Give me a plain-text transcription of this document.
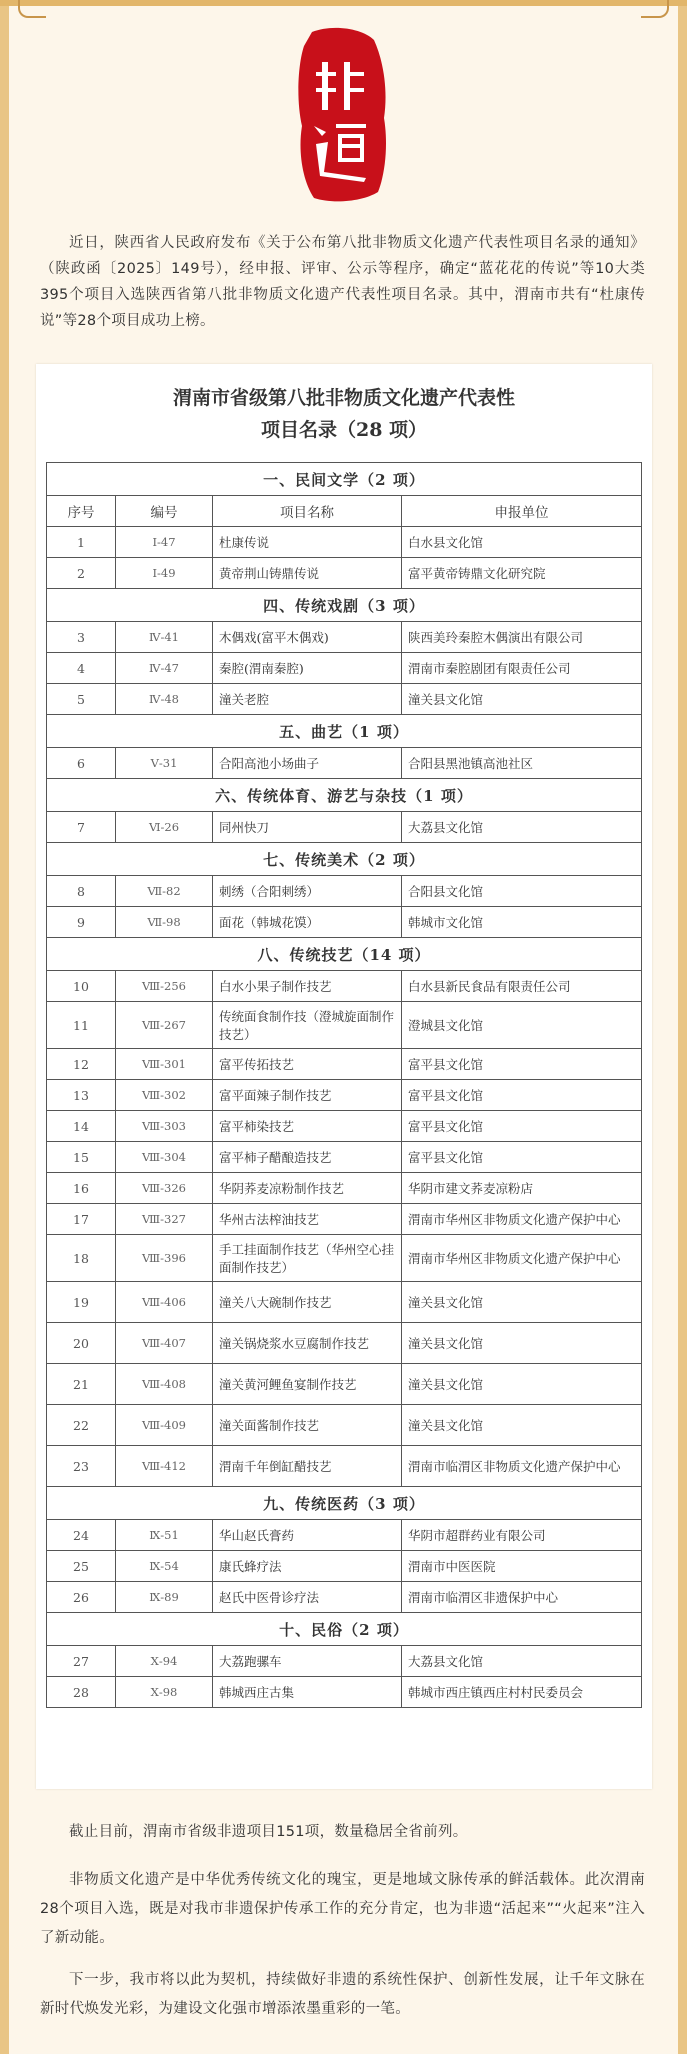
近日，陕西省人民政府发布《关于公布第八批非物质文化遗产代表性项目名录的通知》（陕政函〔2025〕149号），经申报、评审、公示等程序，确定“蓝花花的传说”等10大类395个项目入选陕西省第八批非物质文化遗产代表性项目名录。其中，渭南市共有“杜康传说”等28个项目成功上榜。
渭南市省级第八批非物质文化遗产代表性
项目名录（28 项）
一、民间文学（2 项）			
序号	编号	项目名称	申报单位
1	Ⅰ-47	杜康传说	白水县文化馆
2	Ⅰ-49	黄帝荆山铸鼎传说	富平黄帝铸鼎文化研究院
四、传统戏剧（3 项）			
3	Ⅳ-41	木偶戏(富平木偶戏)	陕西美玲秦腔木偶演出有限公司
4	Ⅳ-47	秦腔(渭南秦腔)	渭南市秦腔剧团有限责任公司
5	Ⅳ-48	潼关老腔	潼关县文化馆
五、曲艺（1 项）			
6	Ⅴ-31	合阳高池小场曲子	合阳县黑池镇高池社区
六、传统体育、游艺与杂技（1 项）			
7	Ⅵ-26	同州快刀	大荔县文化馆
七、传统美术（2 项）			
8	Ⅶ-82	刺绣（合阳刺绣）	合阳县文化馆
9	Ⅶ-98	面花（韩城花馍）	韩城市文化馆
八、传统技艺（14 项）			
10	Ⅷ-256	白水小果子制作技艺	白水县新民食品有限责任公司
11	Ⅷ-267	传统面食制作技（澄城旋面制作技艺）	澄城县文化馆
12	Ⅷ-301	富平传拓技艺	富平县文化馆
13	Ⅷ-302	富平面辣子制作技艺	富平县文化馆
14	Ⅷ-303	富平柿染技艺	富平县文化馆
15	Ⅷ-304	富平柿子醋酿造技艺	富平县文化馆
16	Ⅷ-326	华阴荞麦凉粉制作技艺	华阴市建文荞麦凉粉店
17	Ⅷ-327	华州古法榨油技艺	渭南市华州区非物质文化遗产保护中心
18	Ⅷ-396	手工挂面制作技艺（华州空心挂面制作技艺）	渭南市华州区非物质文化遗产保护中心
19	Ⅷ-406	潼关八大碗制作技艺	潼关县文化馆
20	Ⅷ-407	潼关锅烧浆水豆腐制作技艺	潼关县文化馆
21	Ⅷ-408	潼关黄河鲤鱼宴制作技艺	潼关县文化馆
22	Ⅷ-409	潼关面酱制作技艺	潼关县文化馆
23	Ⅷ-412	渭南千年倒缸醋技艺	渭南市临渭区非物质文化遗产保护中心
九、传统医药（3 项）			
24	Ⅸ-51	华山赵氏膏药	华阴市超群药业有限公司
25	Ⅸ-54	康氏蜂疗法	渭南市中医医院
26	Ⅸ-89	赵氏中医骨诊疗法	渭南市临渭区非遗保护中心
十、民俗（2 项）			
27	Ⅹ-94	大荔跑骡车	大荔县文化馆
28	Ⅹ-98	韩城西庄古集	韩城市西庄镇西庄村村民委员会
截止目前，渭南市省级非遗项目151项，数量稳居全省前列。
非物质文化遗产是中华优秀传统文化的瑰宝，更是地域文脉传承的鲜活载体。此次渭南28个项目入选，既是对我市非遗保护传承工作的充分肯定，也为非遗“活起来”“火起来”注入了新动能。
下一步，我市将以此为契机，持续做好非遗的系统性保护、创新性发展，让千年文脉在新时代焕发光彩，为建设文化强市增添浓墨重彩的一笔。
